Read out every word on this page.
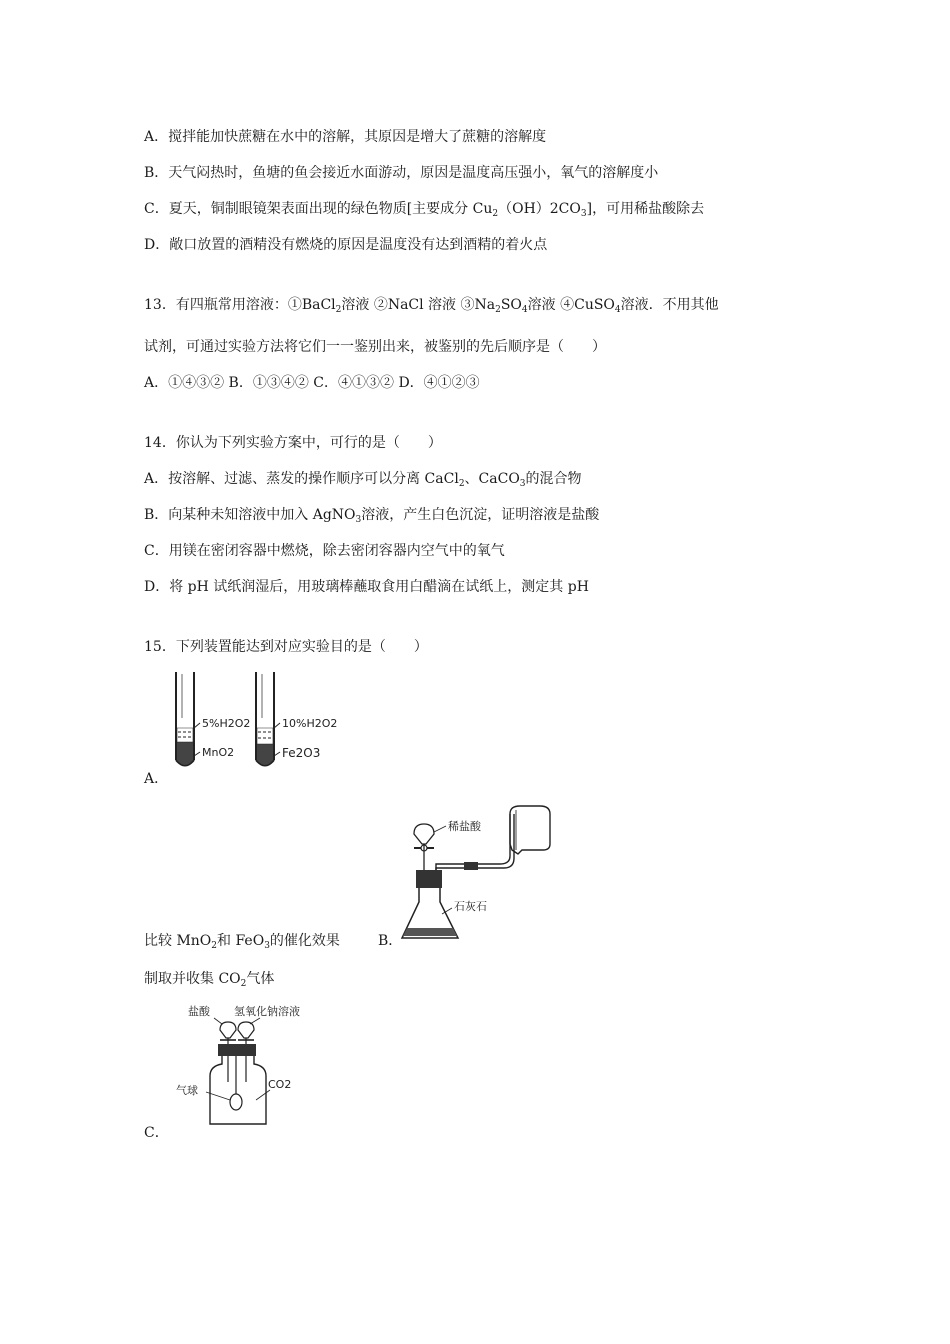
A．搅拌能加快蔗糖在水中的溶解，其原因是增大了蔗糖的溶解度
B．天气闷热时，鱼塘的鱼会接近水面游动，原因是温度高压强小，氧气的溶解度小
C．夏天，铜制眼镜架表面出现的绿色物质[主要成分 $Cu_2(OH)2CO_3$]，可用稀盐酸除去
D．敞口放置的酒精没有燃烧的原因是温度没有达到酒精的着火点
13．有四瓶常用溶液：①BaCl$_2$溶液 ②NaCl 溶液 $③Na_2SO_4$溶液 ④CuSO$_4$溶液．不用其他
试剂，可通过实验方法将它们一一鉴别出来，被鉴别的先后顺序是（　　）
A．①④③② B．①③④② C．④①③② D．④①②③
14．你认为下列实验方案中，可行的是（　　）
A．按溶解、过滤、蒸发的操作顺序可以分离 CaCl$_2$、CaCO$_3$的混合物
B．向某种未知溶液中加入 AgNO$_3$溶液，产生白色沉淀，证明溶液是盐酸
C．用镁在密闭容器中燃烧，除去密闭容器内空气中的氧气
D．将 pH 试纸润湿后，用玻璃棒蘸取食用白醋滴在试纸上，测定其 pH
15．下列装置能达到对应实验目的是（　　）
5%H2O2
MnO2
10%H2O2
Fe2O3
A．
稀盐酸
石灰石
比较 MnO$_2$和 FeO$_3$的催化效果	B．
制取并收集 $CO_2$气体
盐酸 氢氧化钠溶液
气球	CO2
C．
